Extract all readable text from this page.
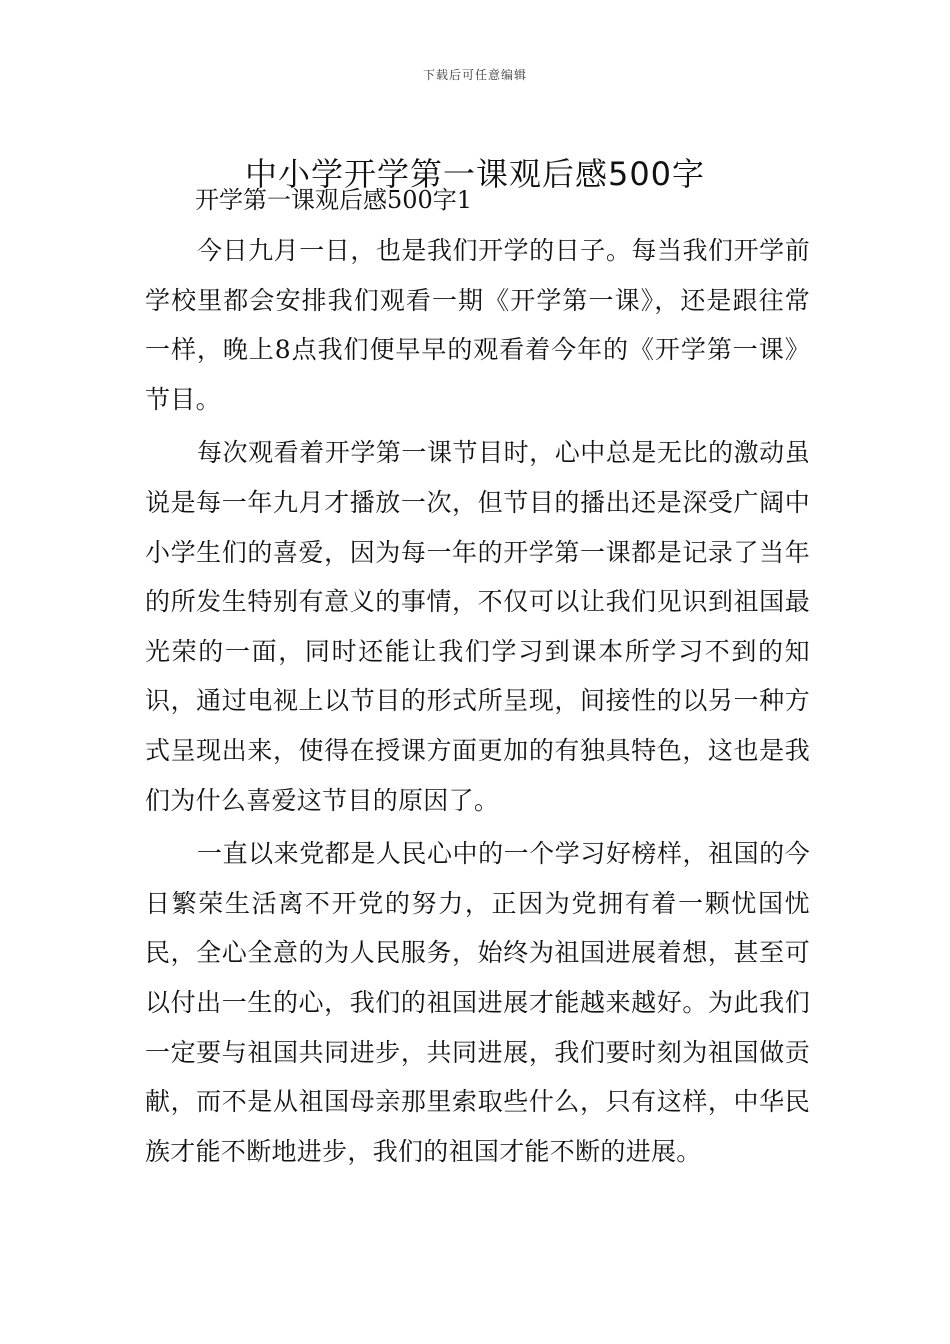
下载后可任意编辑
中小学开学第一课观后感500字

开学第一课观后感500字1

今日九月一日，也是我们开学的日子。每当我们开学前学校里都会安排我们观看一期《开学第一课》，还是跟往常一样，晚上8点我们便早早的观看着今年的《开学第一课》节目。

每次观看着开学第一课节目时，心中总是无比的激动虽说是每一年九月才播放一次，但节目的播出还是深受广阔中小学生们的喜爱，因为每一年的开学第一课都是记录了当年的所发生特别有意义的事情，不仅可以让我们见识到祖国最光荣的一面，同时还能让我们学习到课本所学习不到的知识，通过电视上以节目的形式所呈现，间接性的以另一种方式呈现出来，使得在授课方面更加的有独具特色，这也是我们为什么喜爱这节目的原因了。

一直以来党都是人民心中的一个学习好榜样，祖国的今日繁荣生活离不开党的努力，正因为党拥有着一颗忧国忧民，全心全意的为人民服务，始终为祖国进展着想，甚至可以付出一生的心，我们的祖国进展才能越来越好。为此我们一定要与祖国共同进步，共同进展，我们要时刻为祖国做贡献，而不是从祖国母亲那里索取些什么，只有这样，中华民族才能不断地进步，我们的祖国才能不断的进展。
